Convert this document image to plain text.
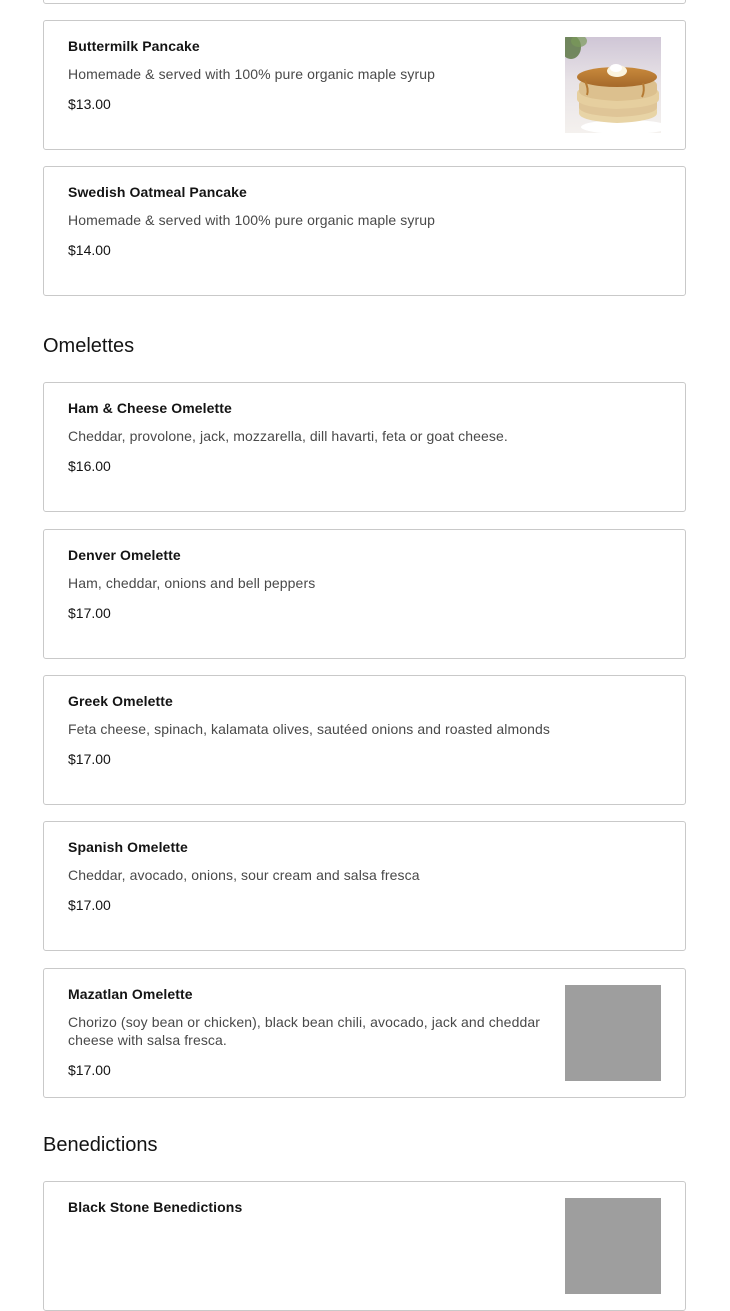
Buttermilk Pancake
Homemade & served with 100% pure organic maple syrup
$13.00
Swedish Oatmeal Pancake
Homemade & served with 100% pure organic maple syrup
$14.00
Omelettes
Ham & Cheese Omelette
Cheddar, provolone, jack, mozzarella, dill havarti, feta or goat cheese.
$16.00
Denver Omelette
Ham, cheddar, onions and bell peppers
$17.00
Greek Omelette
Feta cheese, spinach, kalamata olives, sautéed onions and roasted almonds
$17.00
Spanish Omelette
Cheddar, avocado, onions, sour cream and salsa fresca
$17.00
Mazatlan Omelette
Chorizo (soy bean or chicken), black bean chili, avocado, jack and cheddar cheese with salsa fresca.
$17.00
Benedictions
Black Stone Benedictions
